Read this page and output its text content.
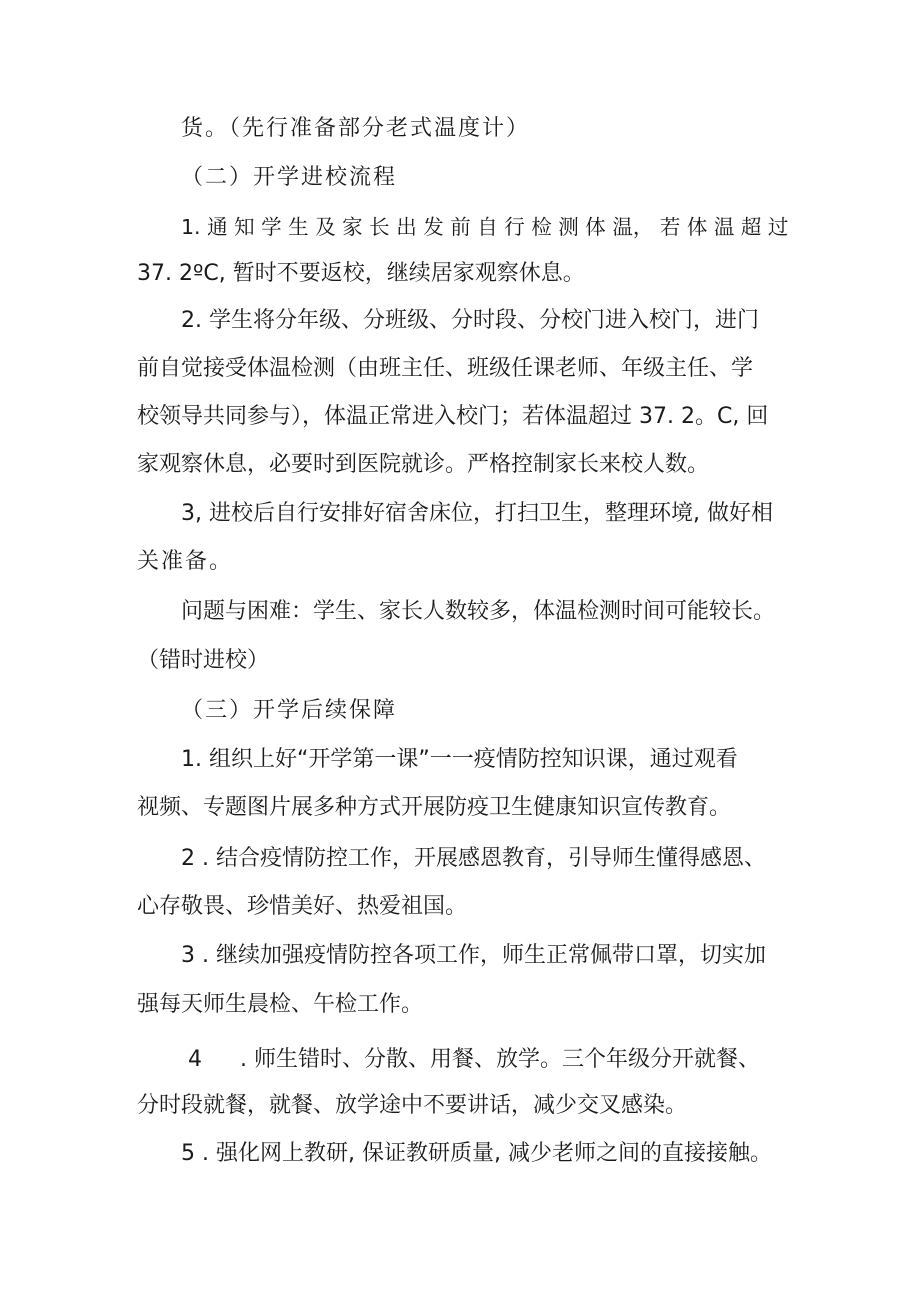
货。（先行准备部分老式温度计）
（二）开学进校流程
1. 通 知 学 生 及 家 长 出 发 前 自 行 检 测 体 温， 若 体 温 超 过
37. 2ºC, 暂时不要返校，继续居家观察休息。
2. 学生将分年级、分班级、分时段、分校门进入校门，进门
前自觉接受体温检测（由班主任、班级任课老师、年级主任、学
校领导共同参与），体温正常进入校门；若体温超过 37. 2。C, 回
家观察休息，必要时到医院就诊。严格控制家长来校人数。
3, 进校后自行安排好宿舍床位，打扫卫生，整理环境, 做好相
关准备。
问题与困难：学生、家长人数较多，体温检测时间可能较长。
（错时进校）
（三）开学后续保障
1. 组织上好“开学第一课”一一疫情防控知识课，通过观看
视频、专题图片展多种方式开展防疫卫生健康知识宣传教育。
2 . 结合疫情防控工作，开展感恩教育，引导师生懂得感恩、
心存敬畏、珍惜美好、热爱祖国。
3 . 继续加强疫情防控各项工作，师生正常佩带口罩，切实加
强每天师生晨检、午检工作。
4 . 师生错时、分散、用餐、放学。三个年级分开就餐、
分时段就餐，就餐、放学途中不要讲话，减少交叉感染。
5 . 强化网上教研, 保证教研质量, 减少老师之间的直接接触。
